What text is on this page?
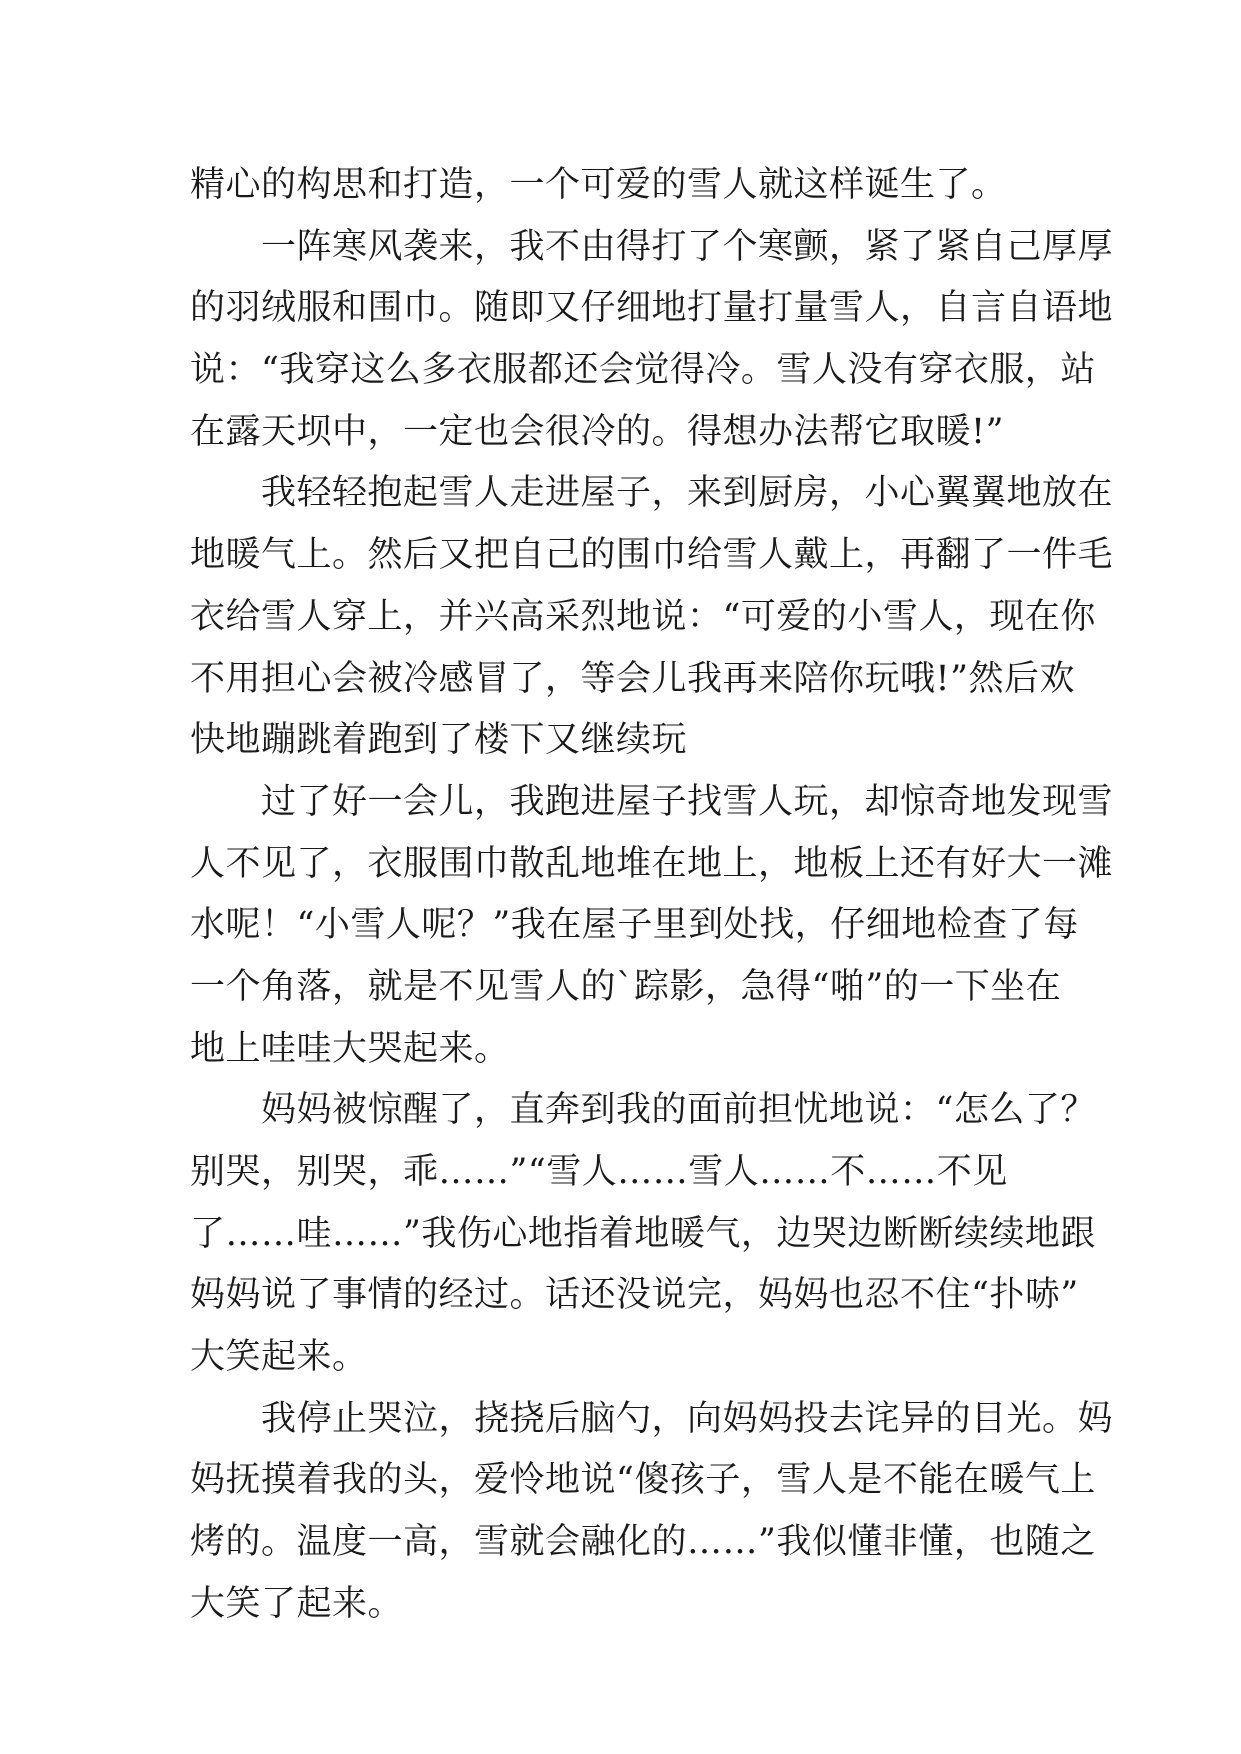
精心的构思和打造，一个可爱的雪人就这样诞生了。
　　一阵寒风袭来，我不由得打了个寒颤，紧了紧自己厚厚
的羽绒服和围巾。随即又仔细地打量打量雪人，自言自语地
说：“我穿这么多衣服都还会觉得冷。雪人没有穿衣服，站
在露天坝中，一定也会很冷的。得想办法帮它取暖!”
　　我轻轻抱起雪人走进屋子，来到厨房，小心翼翼地放在
地暖气上。然后又把自己的围巾给雪人戴上，再翻了一件毛
衣给雪人穿上，并兴高采烈地说：“可爱的小雪人，现在你
不用担心会被冷感冒了，等会儿我再来陪你玩哦!”然后欢
快地蹦跳着跑到了楼下又继续玩
　　过了好一会儿，我跑进屋子找雪人玩，却惊奇地发现雪
人不见了，衣服围巾散乱地堆在地上，地板上还有好大一滩
水呢！“小雪人呢？”我在屋子里到处找，仔细地检查了每
一个角落，就是不见雪人的`踪影，急得“啪”的一下坐在
地上哇哇大哭起来。
　　妈妈被惊醒了，直奔到我的面前担忧地说：“怎么了？
别哭，别哭，乖……”“雪人……雪人……不……不见
了……哇……”我伤心地指着地暖气，边哭边断断续续地跟
妈妈说了事情的经过。话还没说完，妈妈也忍不住“扑哧”
大笑起来。
　　我停止哭泣，挠挠后脑勺，向妈妈投去诧异的目光。妈
妈抚摸着我的头，爱怜地说“傻孩子，雪人是不能在暖气上
烤的。温度一高，雪就会融化的……”我似懂非懂，也随之
大笑了起来。
